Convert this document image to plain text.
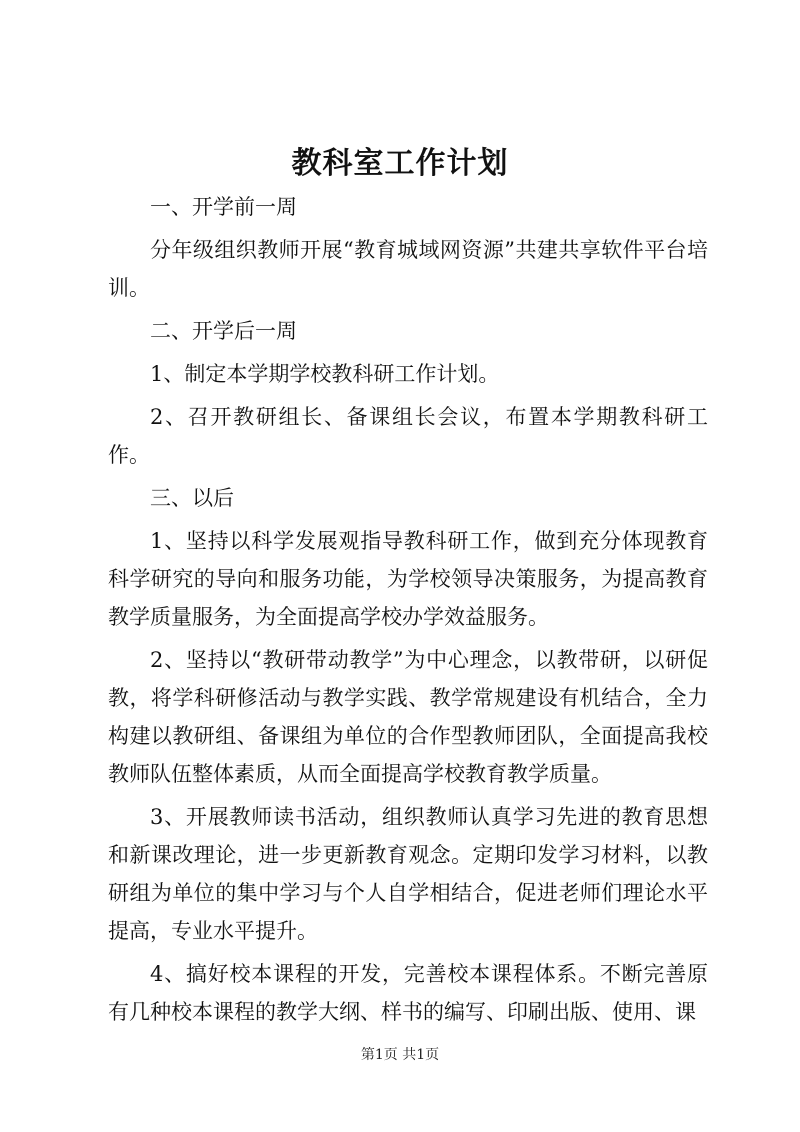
教科室工作计划

一、开学前一周

分年级组织教师开展“教育城域网资源”共建共享软件平台培训。

二、开学后一周

1、制定本学期学校教科研工作计划。

2、召开教研组长、备课组长会议，布置本学期教科研工作。

三、以后

1、坚持以科学发展观指导教科研工作，做到充分体现教育科学研究的导向和服务功能，为学校领导决策服务，为提高教育教学质量服务，为全面提高学校办学效益服务。

2、坚持以“教研带动教学”为中心理念，以教带研，以研促教，将学科研修活动与教学实践、教学常规建设有机结合，全力构建以教研组、备课组为单位的合作型教师团队，全面提高我校教师队伍整体素质，从而全面提高学校教育教学质量。

3、开展教师读书活动，组织教师认真学习先进的教育思想和新课改理论，进一步更新教育观念。定期印发学习材料，以教研组为单位的集中学习与个人自学相结合，促进老师们理论水平提高，专业水平提升。

4、搞好校本课程的开发，完善校本课程体系。不断完善原有几种校本课程的教学大纲、样书的编写、印刷出版、使用、课

第1页 共1页
